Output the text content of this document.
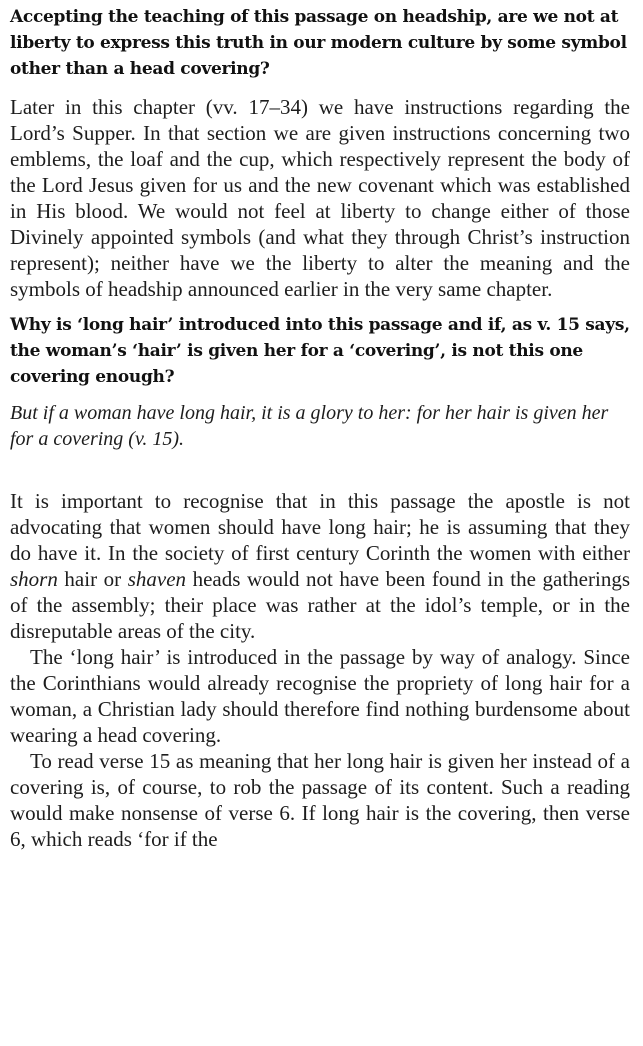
Accepting the teaching of this passage on headship, are we not at liberty to express this truth in our modern culture by some symbol other than a head covering?

Later in this chapter (vv. 17–34) we have instructions regarding the Lord’s Supper. In that section we are given instructions concerning two emblems, the loaf and the cup, which respectively represent the body of the Lord Jesus given for us and the new covenant which was established in His blood. We would not feel at liberty to change either of those Divinely appointed symbols (and what they through Christ’s instruction represent); neither have we the liberty to alter the meaning and the symbols of headship announced earlier in the very same chapter.

Why is ‘long hair’ introduced into this passage and if, as v. 15 says, the woman’s ‘hair’ is given her for a ‘covering’, is not this one covering enough?

But if a woman have long hair, it is a glory to her: for her hair is given her for a covering (v. 15).

It is important to recognise that in this passage the apostle is not advocating that women should have long hair; he is assuming that they do have it. In the society of first century Corinth the women with either shorn hair or shaven heads would not have been found in the gatherings of the assembly; their place was rather at the idol’s temple, or in the disreputable areas of the city.

The ‘long hair’ is introduced in the passage by way of analogy. Since the Corinthians would already recognise the propriety of long hair for a woman, a Christian lady should therefore find nothing burdensome about wearing a head covering.

To read verse 15 as meaning that her long hair is given her instead of a covering is, of course, to rob the passage of its content. Such a reading would make nonsense of verse 6. If long hair is the covering, then verse 6, which reads ‘for if the
